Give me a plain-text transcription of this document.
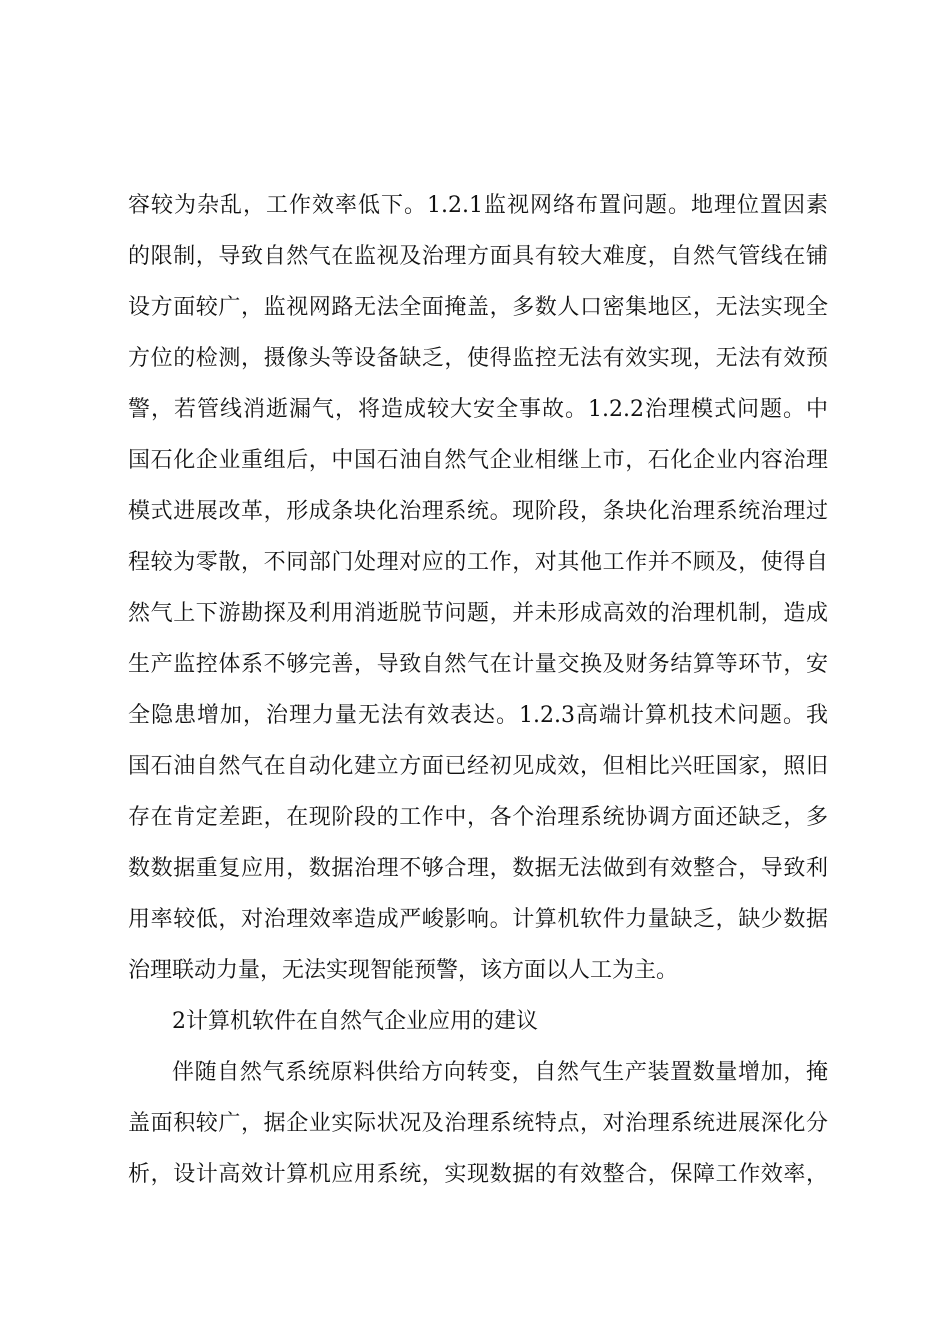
容较为杂乱，工作效率低下。1.2.1监视网络布置问题。地理位置因素
的限制，导致自然气在监视及治理方面具有较大难度，自然气管线在铺
设方面较广，监视网路无法全面掩盖，多数人口密集地区，无法实现全
方位的检测，摄像头等设备缺乏，使得监控无法有效实现，无法有效预
警，若管线消逝漏气，将造成较大安全事故。1.2.2治理模式问题。中
国石化企业重组后，中国石油自然气企业相继上市，石化企业内容治理
模式进展改革，形成条块化治理系统。现阶段，条块化治理系统治理过
程较为零散，不同部门处理对应的工作，对其他工作并不顾及，使得自
然气上下游勘探及利用消逝脱节问题，并未形成高效的治理机制，造成
生产监控体系不够完善，导致自然气在计量交换及财务结算等环节，安
全隐患增加，治理力量无法有效表达。1.2.3高端计算机技术问题。我
国石油自然气在自动化建立方面已经初见成效，但相比兴旺国家，照旧
存在肯定差距，在现阶段的工作中，各个治理系统协调方面还缺乏，多
数数据重复应用，数据治理不够合理，数据无法做到有效整合，导致利
用率较低，对治理效率造成严峻影响。计算机软件力量缺乏，缺少数据
治理联动力量，无法实现智能预警，该方面以人工为主。
2计算机软件在自然气企业应用的建议
伴随自然气系统原料供给方向转变，自然气生产装置数量增加，掩
盖面积较广，据企业实际状况及治理系统特点，对治理系统进展深化分
析，设计高效计算机应用系统，实现数据的有效整合，保障工作效率，
